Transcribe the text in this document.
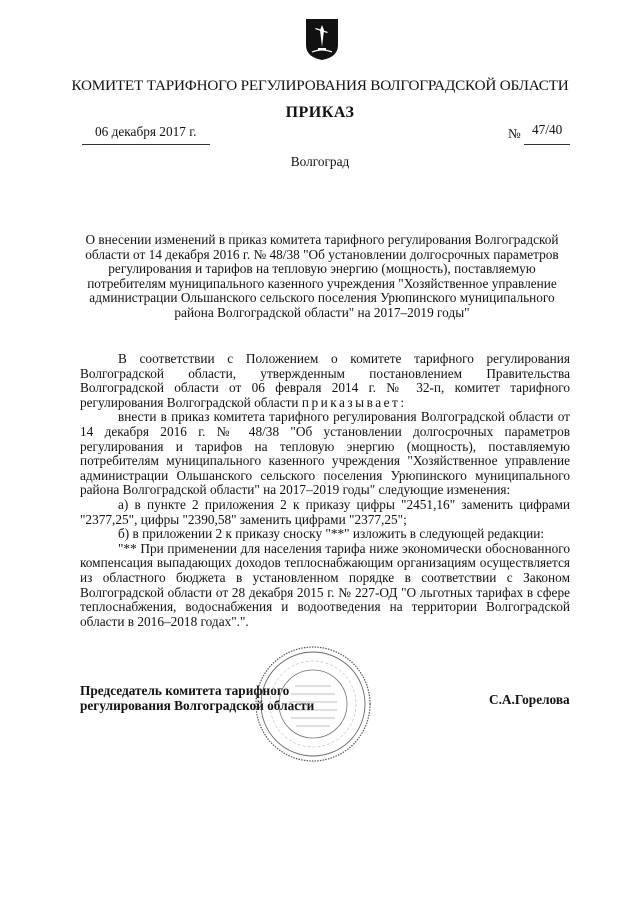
КОМИТЕТ ТАРИФНОГО РЕГУЛИРОВАНИЯ ВОЛГОГРАДСКОЙ ОБЛАСТИ
ПРИКАЗ
06 декабря 2017 г.	№ 47/40
Волгоград
О внесении изменений в приказ комитета тарифного регулирования Волгоградской
области от 14 декабря 2016 г. № 48/38 "Об установлении долгосрочных параметров
регулирования и тарифов на тепловую энергию (мощность), поставляемую
потребителям муниципального казенного учреждения "Хозяйственное управление
администрации Ольшанского сельского поселения Урюпинского муниципального
района Волгоградской области" на 2017–2019 годы"

В соответствии с Положением о комитете тарифного регулирования Волгоградской области, утвержденным постановлением Правительства Волгоградской области от 06 февраля 2014 г. № 32-п, комитет тарифного регулирования Волгоградской области приказывает:

внести в приказ комитета тарифного регулирования Волгоградской области от 14 декабря 2016 г. № 48/38 "Об установлении долгосрочных параметров регулирования и тарифов на тепловую энергию (мощность), поставляемую потребителям муниципального казенного учреждения "Хозяйственное управление администрации Ольшанского сельского поселения Урюпинского муниципального района Волгоградской области" на 2017–2019 годы" следующие изменения:

а) в пункте 2 приложения 2 к приказу цифры "2451,16" заменить цифрами "2377,25", цифры "2390,58" заменить цифрами "2377,25";

б) в приложении 2 к приказу сноску "**" изложить в следующей редакции:

"** При применении для населения тарифа ниже экономически обоснованного компенсация выпадающих доходов теплоснабжающим организациям осуществляется из областного бюджета в установленном порядке в соответствии с Законом Волгоградской области от 28 декабря 2015 г. № 227-ОД "О льготных тарифах в сфере теплоснабжения, водоснабжения и водоотведения на территории Волгоградской области в 2016–2018 годах".".

Председатель комитета тарифного
регулирования Волгоградской области	С.А.Горелова
